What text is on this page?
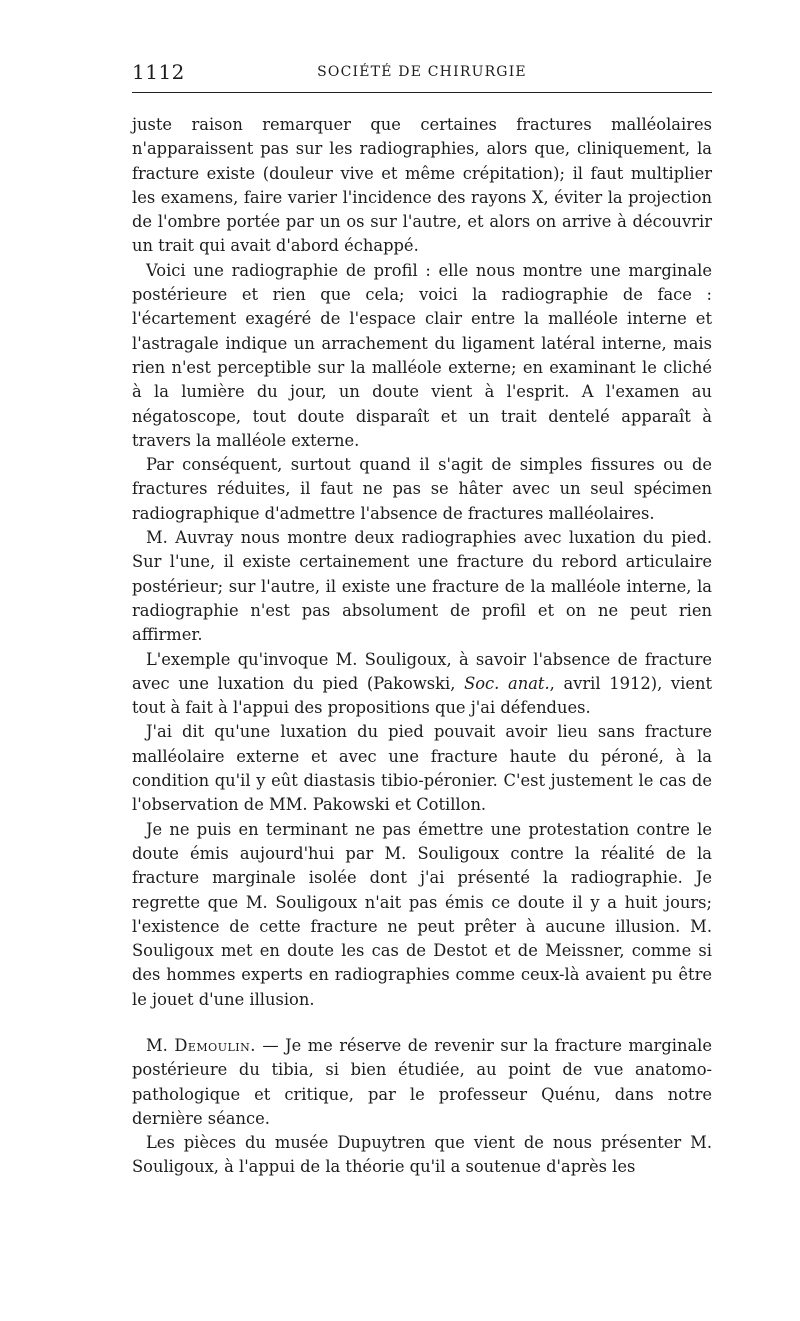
1112	SOCIÉTÉ DE CHIRURGIE

juste raison remarquer que certaines fractures malléolaires n'apparaissent pas sur les radiographies, alors que, cliniquement, la fracture existe (douleur vive et même crépitation); il faut multiplier les examens, faire varier l'incidence des rayons X, éviter la projection de l'ombre portée par un os sur l'autre, et alors on arrive à découvrir un trait qui avait d'abord échappé.

Voici une radiographie de profil : elle nous montre une marginale postérieure et rien que cela; voici la radiographie de face : l'écartement exagéré de l'espace clair entre la malléole interne et l'astragale indique un arrachement du ligament latéral interne, mais rien n'est perceptible sur la malléole externe; en examinant le cliché à la lumière du jour, un doute vient à l'esprit. A l'examen au négatoscope, tout doute disparaît et un trait dentelé apparaît à travers la malléole externe.

Par conséquent, surtout quand il s'agit de simples fissures ou de fractures réduites, il faut ne pas se hâter avec un seul spécimen radiographique d'admettre l'absence de fractures malléolaires.

M. Auvray nous montre deux radiographies avec luxation du pied. Sur l'une, il existe certainement une fracture du rebord articulaire postérieur; sur l'autre, il existe une fracture de la malléole interne, la radiographie n'est pas absolument de profil et on ne peut rien affirmer.

L'exemple qu'invoque M. Souligoux, à savoir l'absence de fracture avec une luxation du pied (Pakowski, Soc. anat., avril 1912), vient tout à fait à l'appui des propositions que j'ai défendues.

J'ai dit qu'une luxation du pied pouvait avoir lieu sans fracture malléolaire externe et avec une fracture haute du péroné, à la condition qu'il y eût diastasis tibio-péronier. C'est justement le cas de l'observation de MM. Pakowski et Cotillon.

Je ne puis en terminant ne pas émettre une protestation contre le doute émis aujourd'hui par M. Souligoux contre la réalité de la fracture marginale isolée dont j'ai présenté la radiographie. Je regrette que M. Souligoux n'ait pas émis ce doute il y a huit jours; l'existence de cette fracture ne peut prêter à aucune illusion. M. Souligoux met en doute les cas de Destot et de Meissner, comme si des hommes experts en radiographies comme ceux-là avaient pu être le jouet d'une illusion.

M. Demoulin. — Je me réserve de revenir sur la fracture marginale postérieure du tibia, si bien étudiée, au point de vue anatomo-pathologique et critique, par le professeur Quénu, dans notre dernière séance.

Les pièces du musée Dupuytren que vient de nous présenter M. Souligoux, à l'appui de la théorie qu'il a soutenue d'après les
